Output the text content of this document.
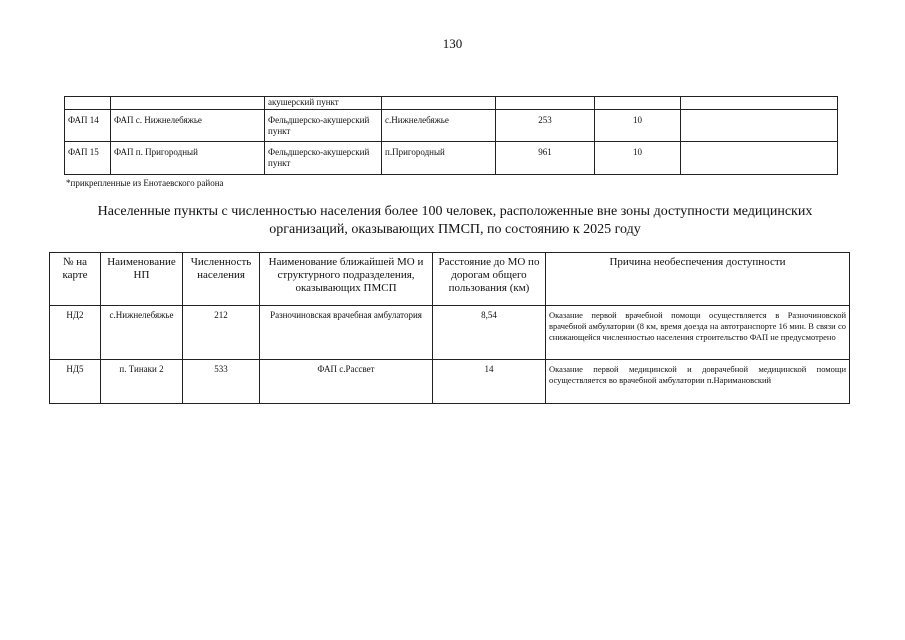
130
		акушерский пункт				
ФАП 14	ФАП с. Нижнелебяжье	Фельдшерско-акушерский пункт	с.Нижнелебяжье	253	10	
ФАП 15	ФАП п. Пригородный	Фельдшерско-акушерский пункт	п.Пригородный	961	10	
*прикрепленные из Енотаевского района
Населенные пункты с численностью населения более 100 человек, расположенные вне зоны доступности медицинских организаций, оказывающих ПМСП, по состоянию к 2025 году
№ на карте	Наименование НП	Численность населения	Наименование ближайшей МО и структурного подразделения, оказывающих ПМСП	Расстояние до МО по дорогам общего пользования (км)	Причина необеспечения доступности
НД2	с.Нижнелебяжье	212	Разночиновская врачебная амбулатория	8,54	Оказание первой врачебной помощи осуществляется в Разночиновской врачебной амбулатории (8 км, время доезда на автотранспорте 16 мин. В связи со снижающейся численностью населения строительство ФАП не предусмотрено
НД5	п. Тинаки 2	533	ФАП с.Рассвет	14	Оказание первой медицинской и доврачебной медицинской помощи осуществляется во врачебной амбулатории п.Наримановский
